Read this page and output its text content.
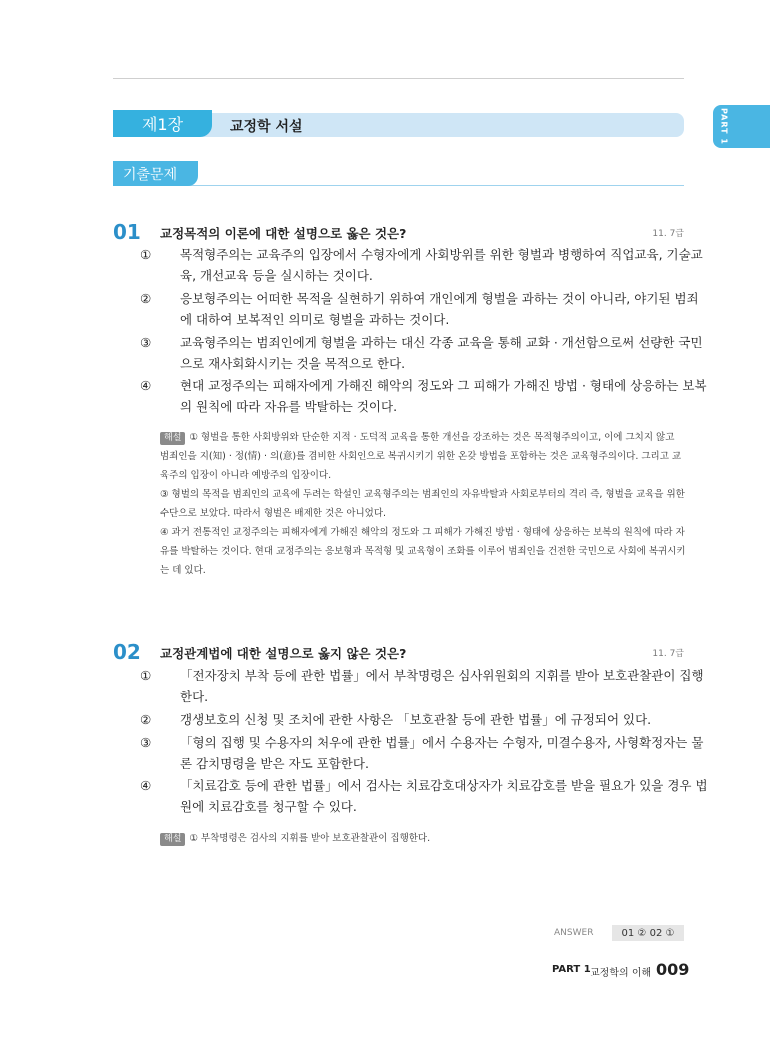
제1장	교정학 서설	PART 1
기출문제
01 교정목적의 이론에 대한 설명으로 옳은 것은?	11. 7급
① 목적형주의는 교육주의 입장에서 수형자에게 사회방위를 위한 형벌과 병행하여 직업교육, 기술교육, 개선교육 등을 실시하는 것이다.
② 응보형주의는 어떠한 목적을 실현하기 위하여 개인에게 형벌을 과하는 것이 아니라, 야기된 범죄에 대하여 보복적인 의미로 형벌을 과하는 것이다.
③ 교육형주의는 범죄인에게 형벌을 과하는 대신 각종 교육을 통해 교화 · 개선함으로써 선량한 국민으로 재사회화시키는 것을 목적으로 한다.
④ 현대 교정주의는 피해자에게 가해진 해악의 정도와 그 피해가 가해진 방법 · 형태에 상응하는 보복의 원칙에 따라 자유를 박탈하는 것이다.
해설 ① 형벌을 통한 사회방위와 단순한 지적 · 도덕적 교육을 통한 개선을 강조하는 것은 목적형주의이고, 이에 그치지 않고 범죄인을 지(知) · 정(情) · 의(意)를 겸비한 사회인으로 복귀시키기 위한 온갖 방법을 포함하는 것은 교육형주의이다. 그리고 교육주의 입장이 아니라 예방주의 입장이다.
③ 형벌의 목적을 범죄인의 교육에 두려는 학설인 교육형주의는 범죄인의 자유박탈과 사회로부터의 격리 즉, 형벌을 교육을 위한 수단으로 보았다. 따라서 형벌은 배제한 것은 아니었다.
④ 과거 전통적인 교정주의는 피해자에게 가해진 해악의 정도와 그 피해가 가해진 방법 · 형태에 상응하는 보복의 원칙에 따라 자유를 박탈하는 것이다. 현대 교정주의는 응보형과 목적형 및 교육형이 조화를 이루어 범죄인을 건전한 국민으로 사회에 복귀시키는 데 있다.
02 교정관계법에 대한 설명으로 옳지 않은 것은?	11. 7급
① 「전자장치 부착 등에 관한 법률」에서 부착명령은 심사위원회의 지휘를 받아 보호관찰관이 집행한다.
② 갱생보호의 신청 및 조치에 관한 사항은 「보호관찰 등에 관한 법률」에 규정되어 있다.
③ 「형의 집행 및 수용자의 처우에 관한 법률」에서 수용자는 수형자, 미결수용자, 사형확정자는 물론 감치명령을 받은 자도 포함한다.
④ 「치료감호 등에 관한 법률」에서 검사는 치료감호대상자가 치료감호를 받을 필요가 있을 경우 법원에 치료감호를 청구할 수 있다.
해설 ① 부착명령은 검사의 지휘를 받아 보호관찰관이 집행한다.
ANSWER	01 ② 02 ①
PART 1 교정학의 이해 009
